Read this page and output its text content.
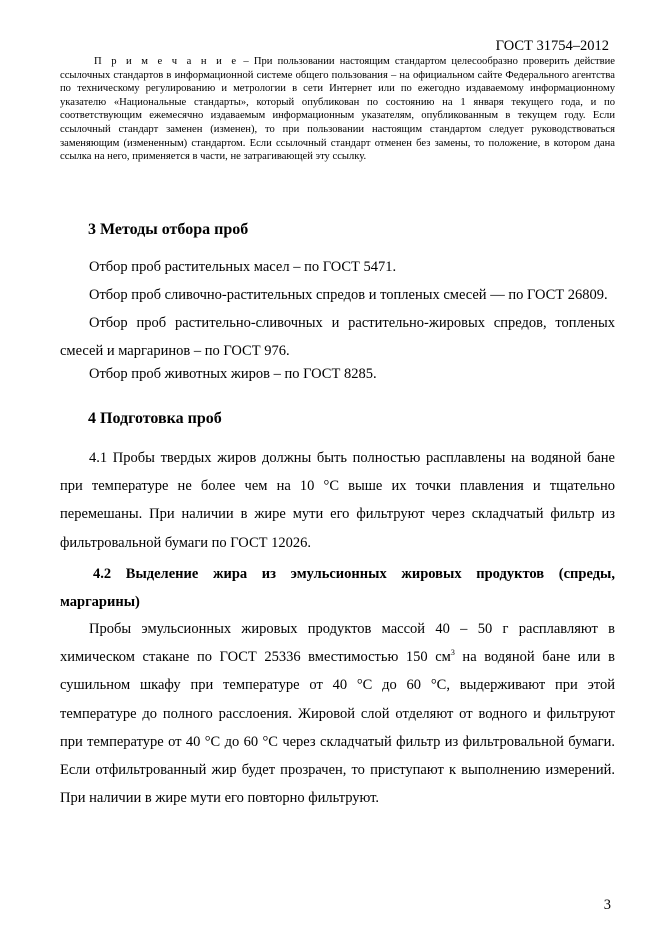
ГОСТ 31754–2012
П р и м е ч а н и е – При пользовании настоящим стандартом целесообразно проверить действие ссылочных стандартов в информационной системе общего пользования – на официальном сайте Федерального агентства по техническому регулированию и метрологии в сети Интернет или по ежегодно издаваемому информационному указателю «Национальные стандарты», который опубликован по состоянию на 1 января текущего года, и по соответствующим ежемесячно издаваемым информационным указателям, опубликованным в текущем году. Если ссылочный стандарт заменен (изменен), то при пользовании настоящим стандартом следует руководствоваться заменяющим (измененным) стандартом. Если ссылочный стандарт отменен без замены, то положение, в котором дана ссылка на него, применяется в части, не затрагивающей эту ссылку.
3 Методы отбора проб

Отбор проб растительных масел – по ГОСТ 5471.

Отбор проб сливочно-растительных спредов и топленых смесей — по ГОСТ 26809.

Отбор проб растительно-сливочных и растительно-жировых спредов, топленых смесей и маргаринов – по ГОСТ 976.

Отбор проб животных жиров – по ГОСТ 8285.

4 Подготовка проб
4.1 Пробы твердых жиров должны быть полностью расплавлены на водяной бане при температуре не более чем на 10 °С выше их точки плавления и тщательно перемешаны. При наличии в жире мути его фильтруют через складчатый фильтр из фильтровальной бумаги по ГОСТ 12026.
4.2 Выделение жира из эмульсионных жировых продуктов (спреды, маргарины)
Пробы эмульсионных жировых продуктов массой 40 – 50 г расплавляют в химическом стакане по ГОСТ 25336 вместимостью 150 $см^3$ на водяной бане или в сушильном шкафу при температуре от 40 °С до 60 °С, выдерживают при этой температуре до полного расслоения. Жировой слой отделяют от водного и фильтруют при температуре от 40 °С до 60 °С через складчатый фильтр из фильтровальной бумаги. Если отфильтрованный жир будет прозрачен, то приступают к выполнению измерений. При наличии в жире мути его повторно фильтруют.
3
